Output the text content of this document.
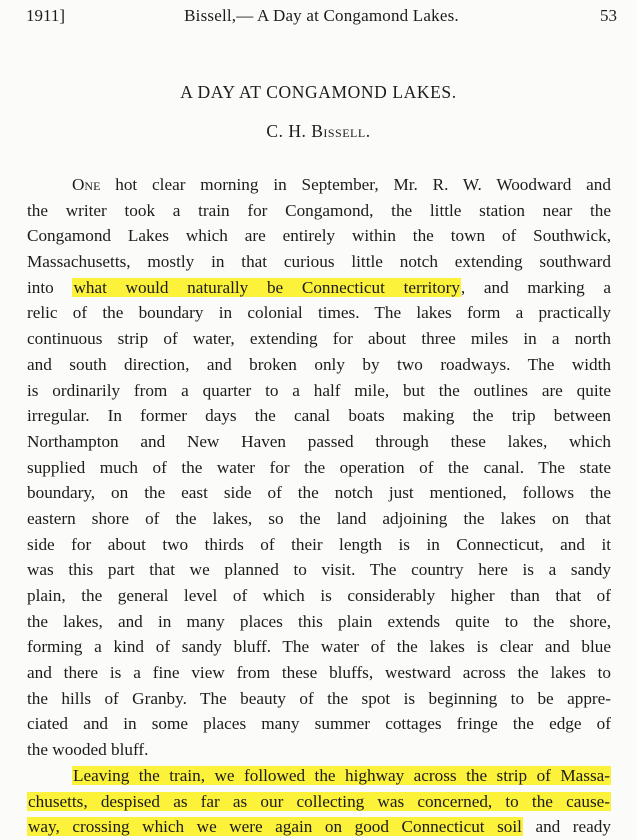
1911]	Bissell,— A Day at Congamond Lakes.	53
A DAY AT CONGAMOND LAKES.
C. H. Bissell.
One hot clear morning in September, Mr. R. W. Woodward and
the writer took a train for Congamond, the little station near the
Congamond Lakes which are entirely within the town of Southwick,
Massachusetts, mostly in that curious little notch extending southward
into what would naturally be Connecticut territory, and marking a
relic of the boundary in colonial times. The lakes form a practically
continuous strip of water, extending for about three miles in a north
and south direction, and broken only by two roadways. The width
is ordinarily from a quarter to a half mile, but the outlines are quite
irregular. In former days the canal boats making the trip between
Northampton and New Haven passed through these lakes, which
supplied much of the water for the operation of the canal. The state
boundary, on the east side of the notch just mentioned, follows the
eastern shore of the lakes, so the land adjoining the lakes on that
side for about two thirds of their length is in Connecticut, and it
was this part that we planned to visit. The country here is a sandy
plain, the general level of which is considerably higher than that of
the lakes, and in many places this plain extends quite to the shore,
forming a kind of sandy bluff. The water of the lakes is clear and blue
and there is a fine view from these bluffs, westward across the lakes to
the hills of Granby. The beauty of the spot is beginning to be appre-
ciated and in some places many summer cottages fringe the edge of
the wooded bluff.
Leaving the train, we followed the highway across the strip of Massa-
chusetts, despised as far as our collecting was concerned, to the cause-
way, crossing which we were again on good Connecticut soil and ready
